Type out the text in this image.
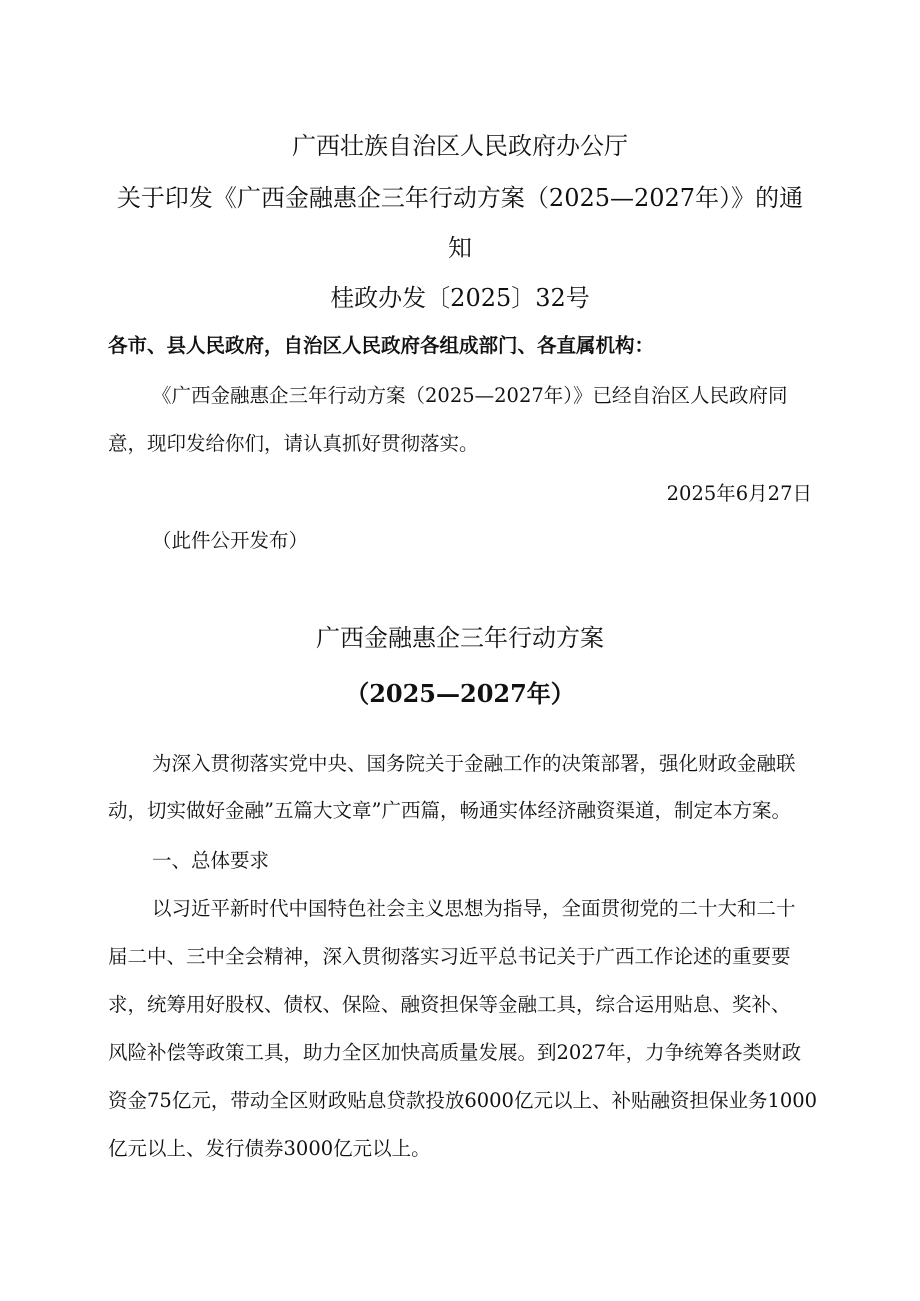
广西壮族自治区人民政府办公厅
关于印发《广西金融惠企三年行动方案（2025—2027年）》的通
知
桂政办发〔2025〕32号
各市、县人民政府，自治区人民政府各组成部门、各直属机构：
《广西金融惠企三年行动方案（2025—2027年）》已经自治区人民政府同
意，现印发给你们，请认真抓好贯彻落实。
2025年6月27日
（此件公开发布）
广西金融惠企三年行动方案
（2025—2027年）
为深入贯彻落实党中央、国务院关于金融工作的决策部署，强化财政金融联
动，切实做好金融”五篇大文章”广西篇，畅通实体经济融资渠道，制定本方案。
一、总体要求
以习近平新时代中国特色社会主义思想为指导，全面贯彻党的二十大和二十
届二中、三中全会精神，深入贯彻落实习近平总书记关于广西工作论述的重要要
求，统筹用好股权、债权、保险、融资担保等金融工具，综合运用贴息、奖补、
风险补偿等政策工具，助力全区加快高质量发展。到2027年，力争统筹各类财政
资金75亿元，带动全区财政贴息贷款投放6000亿元以上、补贴融资担保业务1000
亿元以上、发行债券3000亿元以上。
